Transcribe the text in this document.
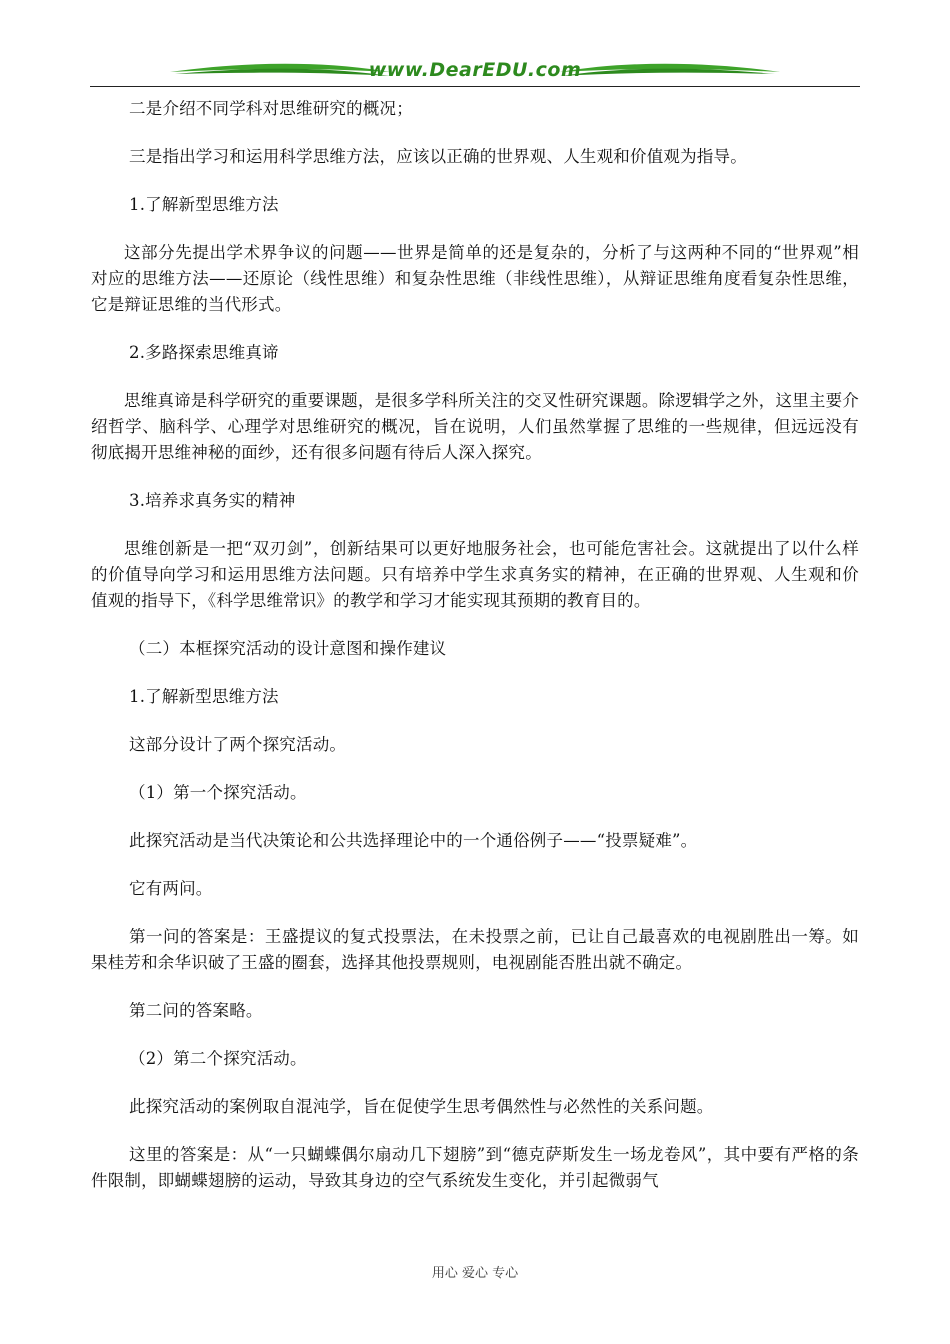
www.DearEDU.com

二是介绍不同学科对思维研究的概况；

三是指出学习和运用科学思维方法，应该以正确的世界观、人生观和价值观为指导。

1.了解新型思维方法

这部分先提出学术界争议的问题——世界是简单的还是复杂的，分析了与这两种不同的“世界观”相对应的思维方法——还原论（线性思维）和复杂性思维（非线性思维），从辩证思维角度看复杂性思维，它是辩证思维的当代形式。

2.多路探索思维真谛

思维真谛是科学研究的重要课题，是很多学科所关注的交叉性研究课题。除逻辑学之外，这里主要介绍哲学、脑科学、心理学对思维研究的概况，旨在说明，人们虽然掌握了思维的一些规律，但远远没有彻底揭开思维神秘的面纱，还有很多问题有待后人深入探究。

3.培养求真务实的精神

思维创新是一把“双刃剑”，创新结果可以更好地服务社会，也可能危害社会。这就提出了以什么样的价值导向学习和运用思维方法问题。只有培养中学生求真务实的精神，在正确的世界观、人生观和价值观的指导下，《科学思维常识》的教学和学习才能实现其预期的教育目的。

（二）本框探究活动的设计意图和操作建议

1.了解新型思维方法

这部分设计了两个探究活动。

（1）第一个探究活动。

此探究活动是当代决策论和公共选择理论中的一个通俗例子——“投票疑难”。

它有两问。

第一问的答案是：王盛提议的复式投票法，在未投票之前，已让自己最喜欢的电视剧胜出一筹。如果桂芳和余华识破了王盛的圈套，选择其他投票规则，电视剧能否胜出就不确定。

第二问的答案略。

（2）第二个探究活动。

此探究活动的案例取自混沌学，旨在促使学生思考偶然性与必然性的关系问题。

这里的答案是：从“一只蝴蝶偶尔扇动几下翅膀”到“德克萨斯发生一场龙卷风”，其中要有严格的条件限制，即蝴蝶翅膀的运动，导致其身边的空气系统发生变化，并引起微弱气

用心 爱心 专心
